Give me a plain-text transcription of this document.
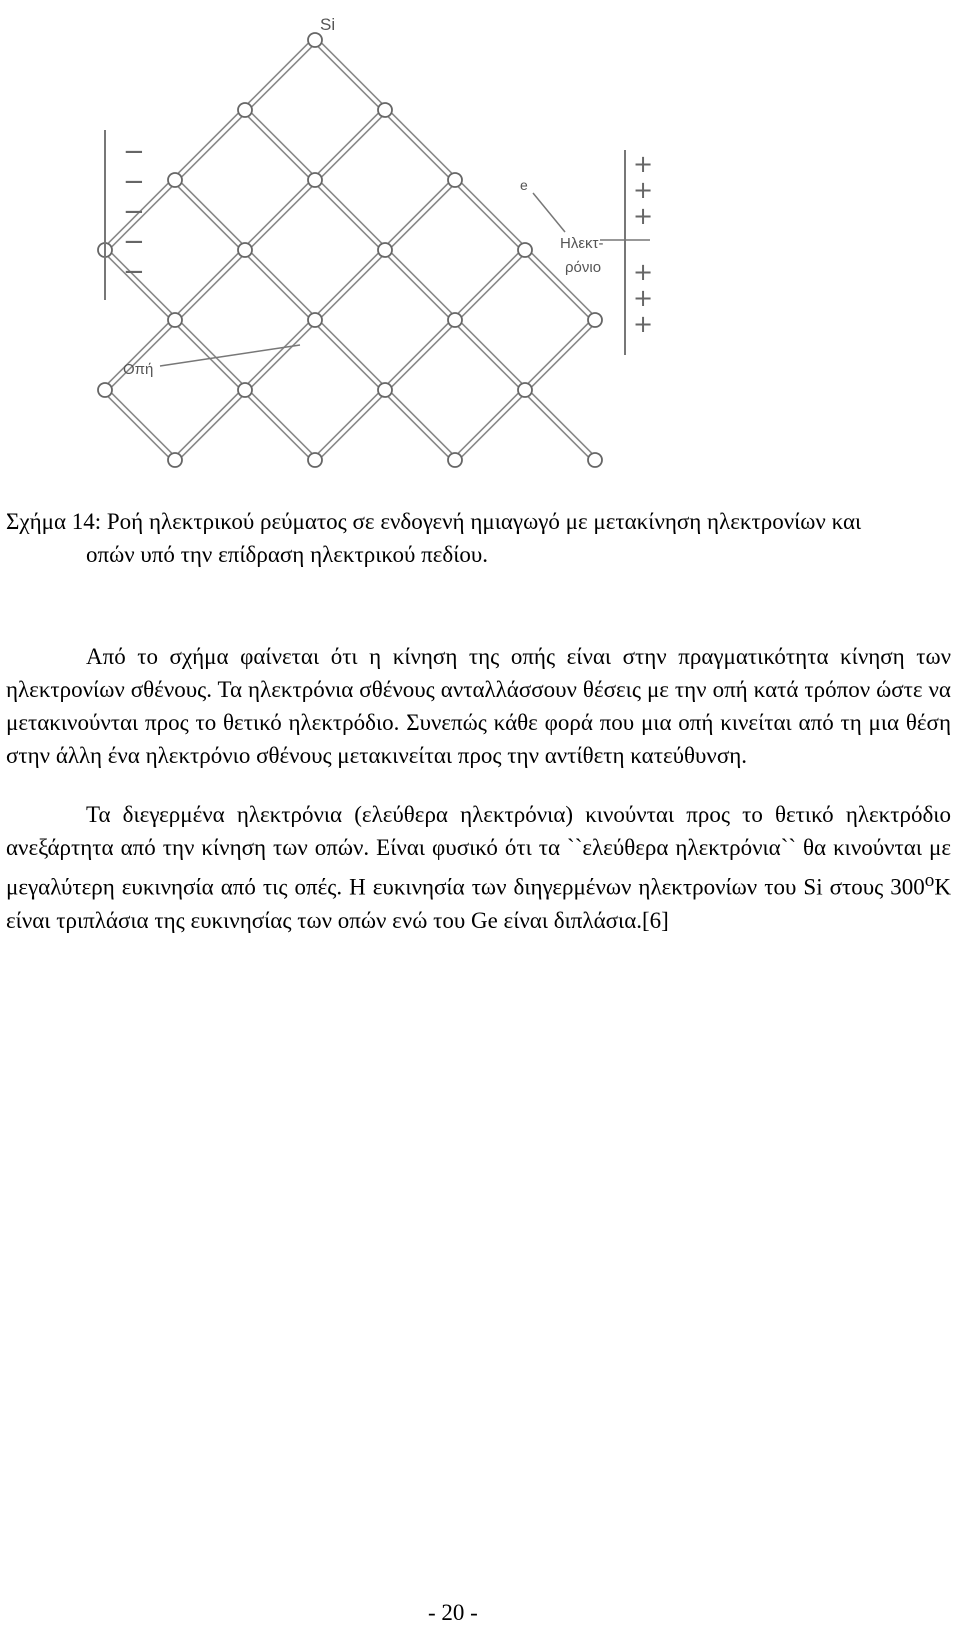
−
−
−
−
−
+
+
+
+
+
+
Si
e
Ηλεκτ-
ρόνιο
Οπή
Σχήμα 14: Ροή ηλεκτρικού ρεύματος σε ενδογενή ημιαγωγό με μετακίνηση ηλεκτρονίων και
οπών υπό την επίδραση ηλεκτρικού πεδίου.

Από το σχήμα φαίνεται ότι η κίνηση της οπής είναι στην πραγματικότητα κίνηση των ηλεκτρονίων σθένους. Τα ηλεκτρόνια σθένους ανταλλάσσουν θέσεις με την οπή κατά τρόπον ώστε να μετακινούνται προς το θετικό ηλεκτρόδιο. Συνεπώς κάθε φορά που μια οπή κινείται από τη μια θέση στην άλλη ένα ηλεκτρόνιο σθένους μετακινείται προς την αντίθετη κατεύθυνση.

Τα διεγερμένα ηλεκτρόνια (ελεύθερα ηλεκτρόνια) κινούνται προς το θετικό ηλεκτρόδιο ανεξάρτητα από την κίνηση των οπών. Είναι φυσικό ότι τα ``ελεύθερα ηλεκτρόνια`` θα κινούνται με μεγαλύτερη ευκινησία από τις οπές. Η ευκινησία των διηγερμένων ηλεκτρονίων του Si στους 300$^o$K είναι τριπλάσια της ευκινησίας των οπών ενώ του Ge είναι διπλάσια.[6]

- 20 -
